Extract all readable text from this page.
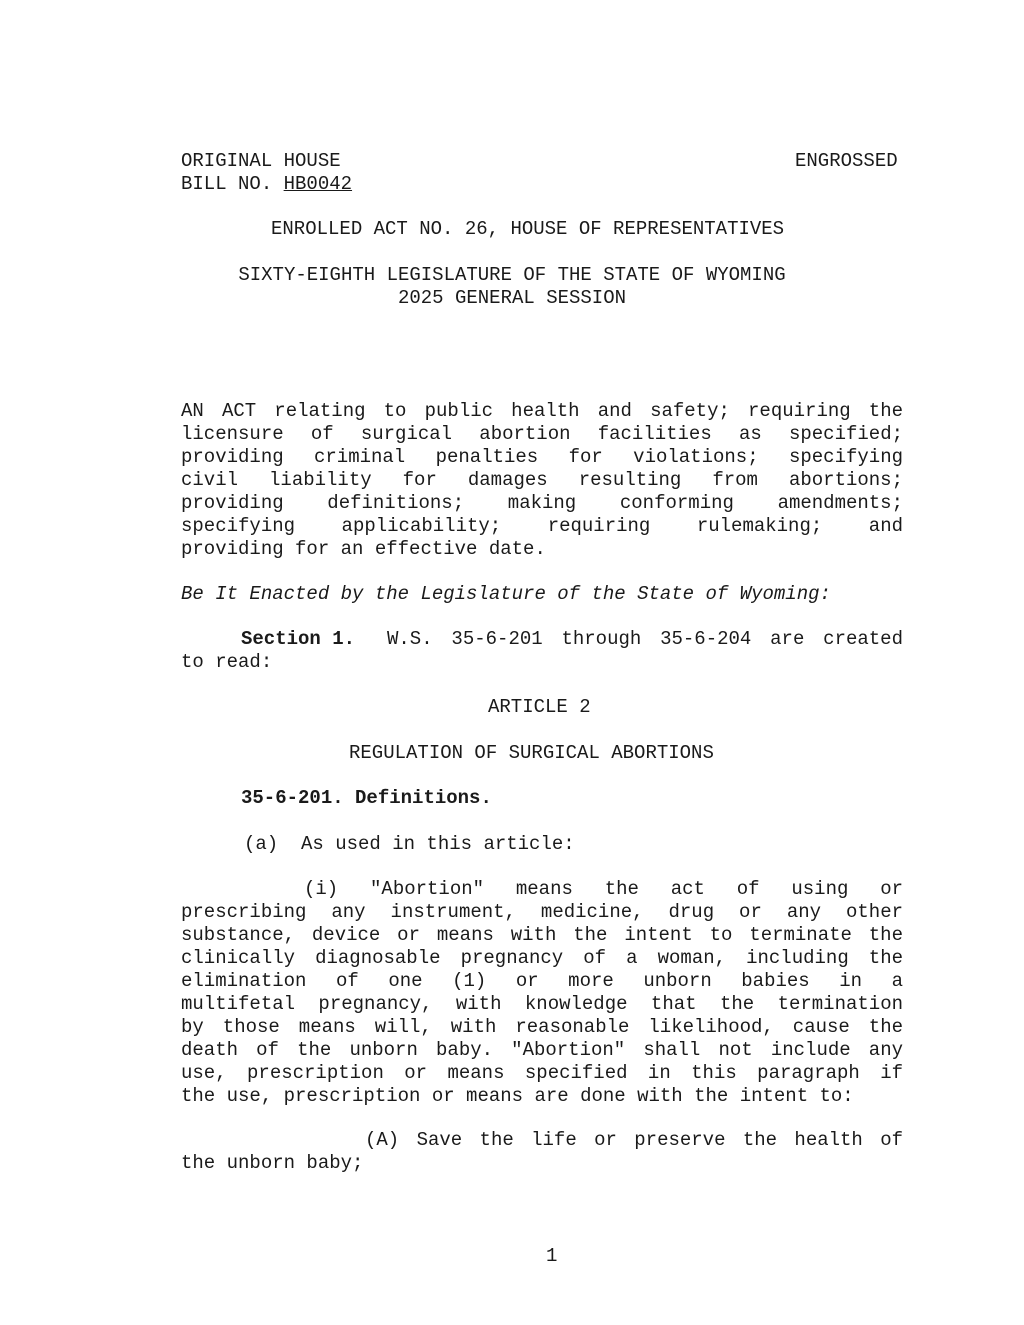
ORIGINAL HOUSE	ENGROSSED
BILL NO. HB0042
ENROLLED ACT NO. 26, HOUSE OF REPRESENTATIVES
SIXTY-EIGHTH LEGISLATURE OF THE STATE OF WYOMING
2025 GENERAL SESSION
AN ACT relating to public health and safety; requiring the
licensure of surgical abortion facilities as specified;
providing criminal penalties for violations; specifying
civil liability for damages resulting from abortions;
providing definitions; making conforming amendments;
specifying applicability; requiring rulemaking; and
providing for an effective date.
Be It Enacted by the Legislature of the State of Wyoming:
Section 1. W.S. 35-6-201 through 35-6-204 are created
to read:
ARTICLE 2
REGULATION OF SURGICAL ABORTIONS
35-6-201. Definitions.
(a)  As used in this article:
(i) "Abortion" means the act of using or
prescribing any instrument, medicine, drug or any other
substance, device or means with the intent to terminate the
clinically diagnosable pregnancy of a woman, including the
elimination of one (1) or more unborn babies in a
multifetal pregnancy, with knowledge that the termination
by those means will, with reasonable likelihood, cause the
death of the unborn baby. "Abortion" shall not include any
use, prescription or means specified in this paragraph if
the use, prescription or means are done with the intent to:
(A) Save the life or preserve the health of
the unborn baby;
1
